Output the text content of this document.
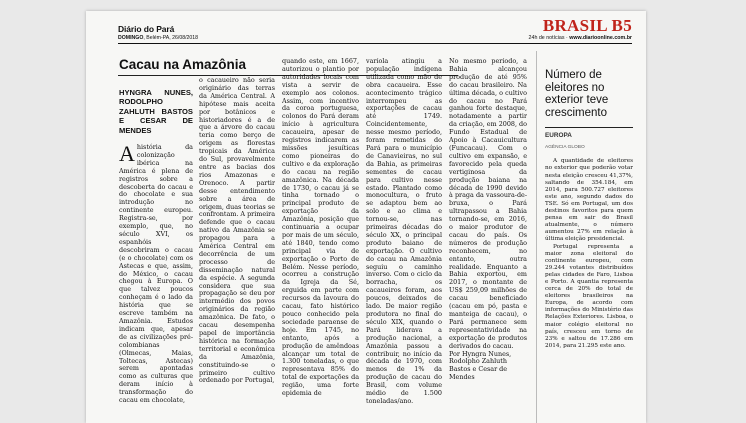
Diário do Pará
DOMINGO, Belém-PA, 26/08/2018
BRASIL B5
24h de notícias · www.diarioonline.com.br
Cacau na Amazônia
HYNGRA NUNES, RODOLPHO ZAHLUTH BASTOS E CESAR DE MENDES

Ahistória da colonização ibérica na América é plena de registros sobre a descoberta do cacau e do chocolate e sua introdução no continente europeu. Registra-se, por exemplo, que, no século XVI, os espanhóis descobriram o cacau (e o chocolate) com os Astecas e que, assim, do México, o cacau chegou à Europa. O que talvez poucos conheçam é o lado da história que se escreve também na Amazônia. Estudos indicam que, apesar de as civilizações pré-colombianas (Olmecas, Maias, Toltecas, Astecas) serem apontadas como as culturas que deram início à transformação do cacau em chocolate,

o cacaueiro não seria originário das terras da América Central. A hipótese mais aceita por botânicos e historiadores é a de que a árvore do cacau teria como berço de origem as florestas tropicais da América do Sul, provavelmente entre as bacias dos rios Amazonas e Orenoco. A partir desse entendimento sobre a área de origem, duas teorias se confrontam. A primeira defende que o cacau nativo da Amazônia se propagou para a América Central em decorrência de um processo de disseminação natural da espécie. A segunda considera que sua propagação se deu por intermédio dos povos originários da região amazônica. De fato, o cacau desempenha papel de importância histórica na formação territorial e econômica da Amazônia, constituindo-se o primeiro cultivo ordenado por Portugal,

quando este, em 1667, autorizou o plantio por autoridades locais com vista a servir de exemplo aos colonos. Assim, com incentivo da coroa portuguesa, colonos do Pará deram início à agricultura cacaueira, apesar de registros indicarem as missões jesuíticas como pioneiras do cultivo e da exploração do cacau na região amazônica. Na década de 1730, o cacau já se tinha tornado o principal produto de exportação da Amazônia, posição que continuaria a ocupar por mais de um século, até 1840, tendo como principal via de exportação o Porto de Belém. Nesse período, ocorreu a construção da Igreja da Sé, erguida em parte com recursos da lavoura do cacau, fato histórico pouco conhecido pela sociedade paraense de hoje. Em 1745, no entanto, após a produção de amêndoas alcançar um total de 1.300 toneladas, o que representava 85% do total de exportações da região, uma forte epidemia de

varíola atingiu a população indígena utilizada como mão de obra cacaueira. Esse acontecimento trágico interrompeu as exportações de cacau até 1749. Coincidentemente, nesse mesmo período, foram remetidas do Pará para o município de Canavieiras, no sul da Bahia, as primeiras sementes de cacau para cultivo nesse estado. Plantado como monocultura, o fruto se adaptou bem ao solo e ao clima e tornou-se, nas primeiras décadas do século XX, o principal produto baiano de exportação. O cultivo do cacau na Amazônia seguiu o caminho inverso. Com o ciclo da borracha, os cacaueiros foram, aos poucos, deixados de lado. De maior região produtora no final do século XIX, quando o Pará liderava a produção nacional, a Amazônia passou a contribuir, no início da década de 1970, com menos de 1% da produção de cacau do Brasil, com volume médio de 1.500 toneladas/ano.

No mesmo período, a Bahia alcançou produção de até 95% do cacau brasileiro. Na última década, o cultivo do cacau no Pará ganhou forte destaque, notadamente a partir da criação, em 2008, do Fundo Estadual de Apoio à Cacauicultura (Funcacau). Com o cultivo em expansão, e favorecido pela queda vertiginosa da produção baiana na década de 1990 devido à praga da vassoura-de-bruxa, o Pará ultrapassou a Bahia tornando-se, em 2016, o maior produtor de cacau do país. Os números de produção reconhecem, no entanto, outra realidade. Enquanto a Bahia exportou, em 2017, o montante de US$ 259,09 milhões de cacau beneficiado (cacau em pó, pasta e manteiga de cacau), o Pará permanece sem representatividade na exportação de produtos derivados do cacau.

Por Hyngra Nunes, Rodolpho Zahluth Bastos e Cesar de Mendes

Número de eleitores no exterior teve crescimento
EUROPA
AGÊNCIA GLOBO

A quantidade de eleitores no exterior que poderão votar nesta eleição cresceu 41,37%, saltando de 354.184, em 2014, para 500.727 eleitores este ano, segundo dados do TSE. Só em Portugal, um dos destinos favoritos para quem pensa em sair do Brasil atualmente, o número aumentou 27% em relação à última eleição presidencial.

Portugal representa a maior zona eleitoral do continente europeu, com 29.244 votantes distribuídos pelas cidades de Faro, Lisboa e Porto. A quantia representa cerca de 20% do total de eleitores brasileiros na Europa, de acordo com informações do Ministério das Relações Exteriores. Lisboa, o maior colégio eleitoral no país, cresceu em torno de 23% e saltou de 17.286 em 2014, para 21.295 este ano.
